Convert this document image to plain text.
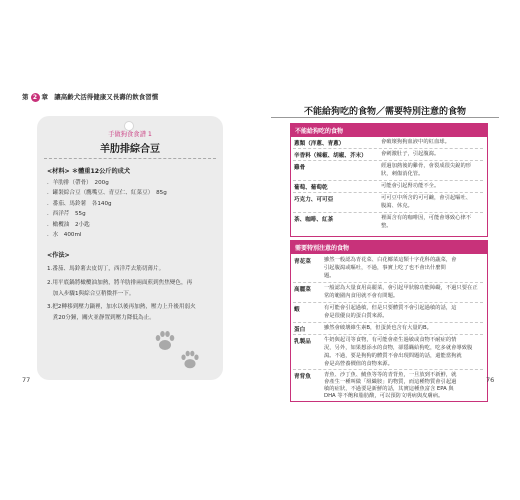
第 2 章 讓高齡犬活得健康又長壽的飲食習慣
手做狗食食譜 1
羊肋排綜合豆
<材料> ＊體重12公斤的成犬
．羊肋排（帶骨）　200g
．罐裝綜合豆（鷹嘴豆、青豆仁、紅菜豆）　85g
．番茄、馬鈴薯　各140g
．西洋芹　55g
．橄欖油　2小匙
．水　400ml
<作法>
1.番茄、馬鈴薯去皮切丁，西洋芹去筋切薄片。
2.用平底鍋將橄欖油加熱，將羊肋排兩面煎到焦焦變色，再
　加入步驟1與綜合豆稍微拌一下。
3.把2轉移到壓力鍋裡，加水以後再加熱，壓力上升後用弱火
　煮20分鐘，關火並靜置到壓力降低為止。
77
不能給狗吃的食物／需要特別注意的食物
不能給狗吃的食物
蔥類（洋蔥、青蔥）	會破壞狗狗血液中的紅血球。
辛香料（辣椒、胡椒、芥末）	會刺激肚子，引起腹瀉。
雞骨	經過加熱後的雞骨，會裂成很尖銳的形
狀，刺傷消化管。
葡萄、葡萄乾	可能會引起腎功能不全。
巧克力、可可亞	可可豆中所含的可可鹼，會引起嘔吐、
腹瀉、休克。
茶、咖啡、紅茶	裡面含有的咖啡因，可能會導致心律不
整。
需要特別注意的食物
青花菜 雖然一般認為青花菜、白花椰菜這類十字花科的蔬菜，會
引起腹瀉或嘔吐，不過，事實上吃了也不會出什麼問
題。
高麗菜 一般認為大量食用高麗菜，會引起甲狀腺功能障礙，不過只要在正
常的範圍內食用就不會有問題。
蝦	有可能會引起過敏，但是只要體質不會引起過敏的話，這
會是很優良的蛋白質來源。
蛋白	雖然會破壞維生素B，但蛋黃也含有大量的B。
乳製品 牛奶與起司等食物，有可能會產生過敏或食物不耐症的情
況，另外，如果想添水的食物，卻隱瞞給狗吃，吃多就會導致腹
瀉。不過，要是狗狗的體質不會出現問題的話，還能當狗就
會是高營養價值的食物來源。
青背魚 青魚、沙丁魚、鯖魚等等的青背魚，一旦放到不新鮮，就
會產生一種叫做「組織胺」的物質，而這種物質會引起過
敏的症狀，不過要是新鮮的話，其實這種魚富含 EPA 與
DHA 等不飽和脂肪酸，可以預防文明病與皮膚病。
76
